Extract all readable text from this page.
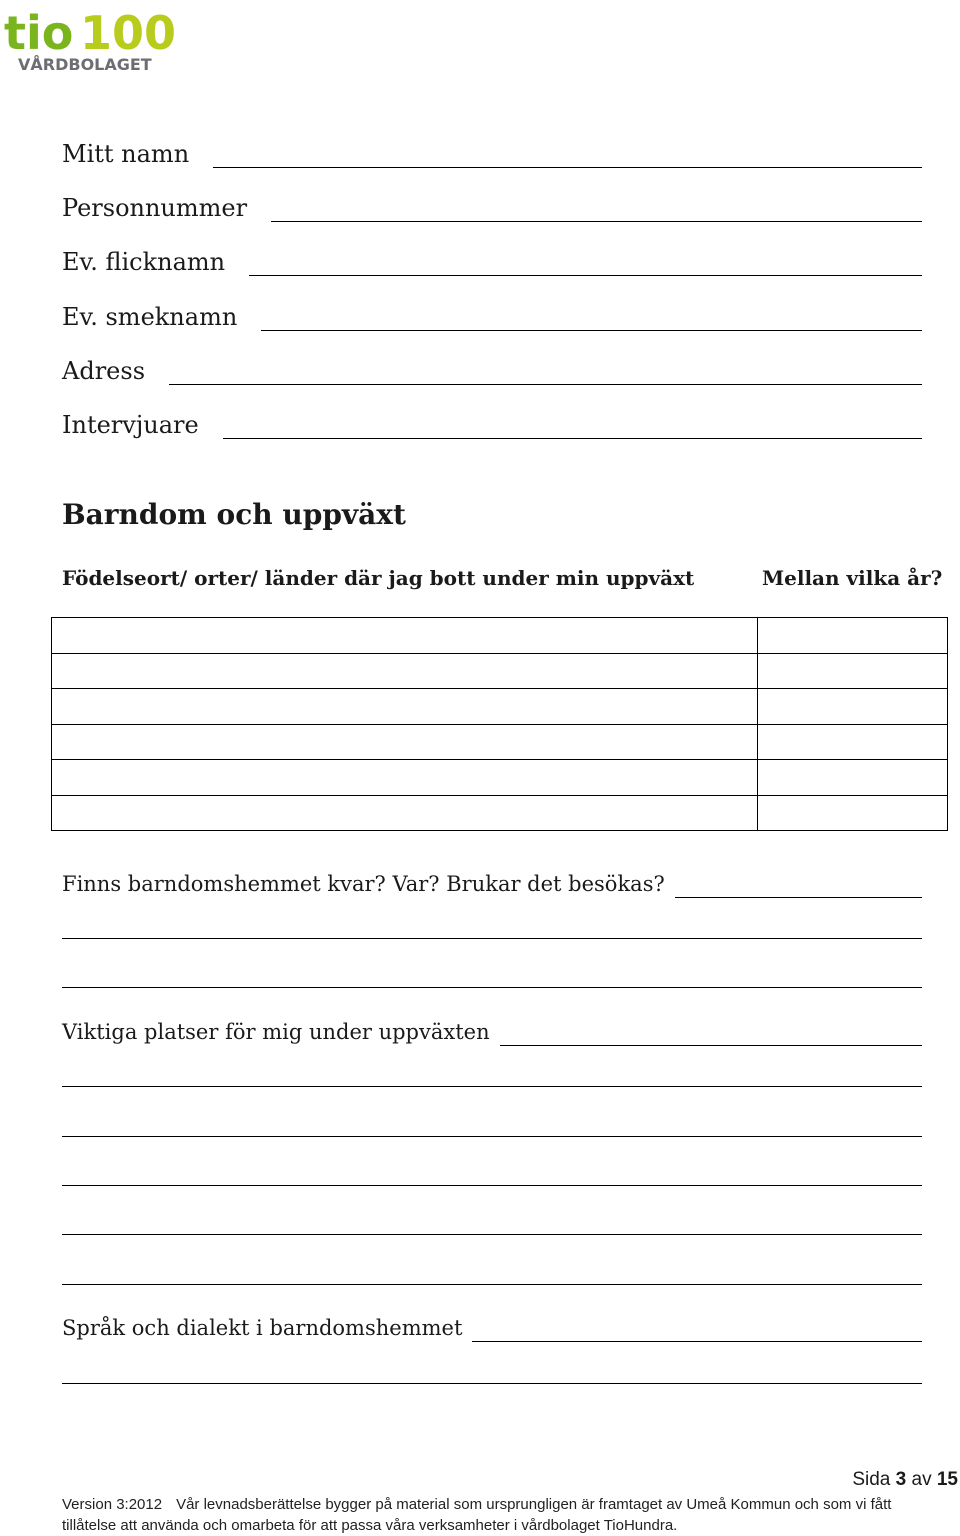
tio 100
VÅRDBOLAGET
Mitt namn
Personnummer
Ev. flicknamn
Ev. smeknamn
Adress
Intervjuare
Barndom och uppväxt
Födelseort/ orter/ länder där jag bott under min uppväxt	Mellan vilka år?

Finns barndomshemmet kvar? Var? Brukar det besökas?
Viktiga platser för mig under uppväxten
Språk och dialekt i barndomshemmet
Sida 3 av 15
Version 3:2012 Vår levnadsberättelse bygger på material som ursprungligen är framtaget av Umeå Kommun och som vi fått tillåtelse att använda och omarbeta för att passa våra verksamheter i vårdbolaget TioHundra.
